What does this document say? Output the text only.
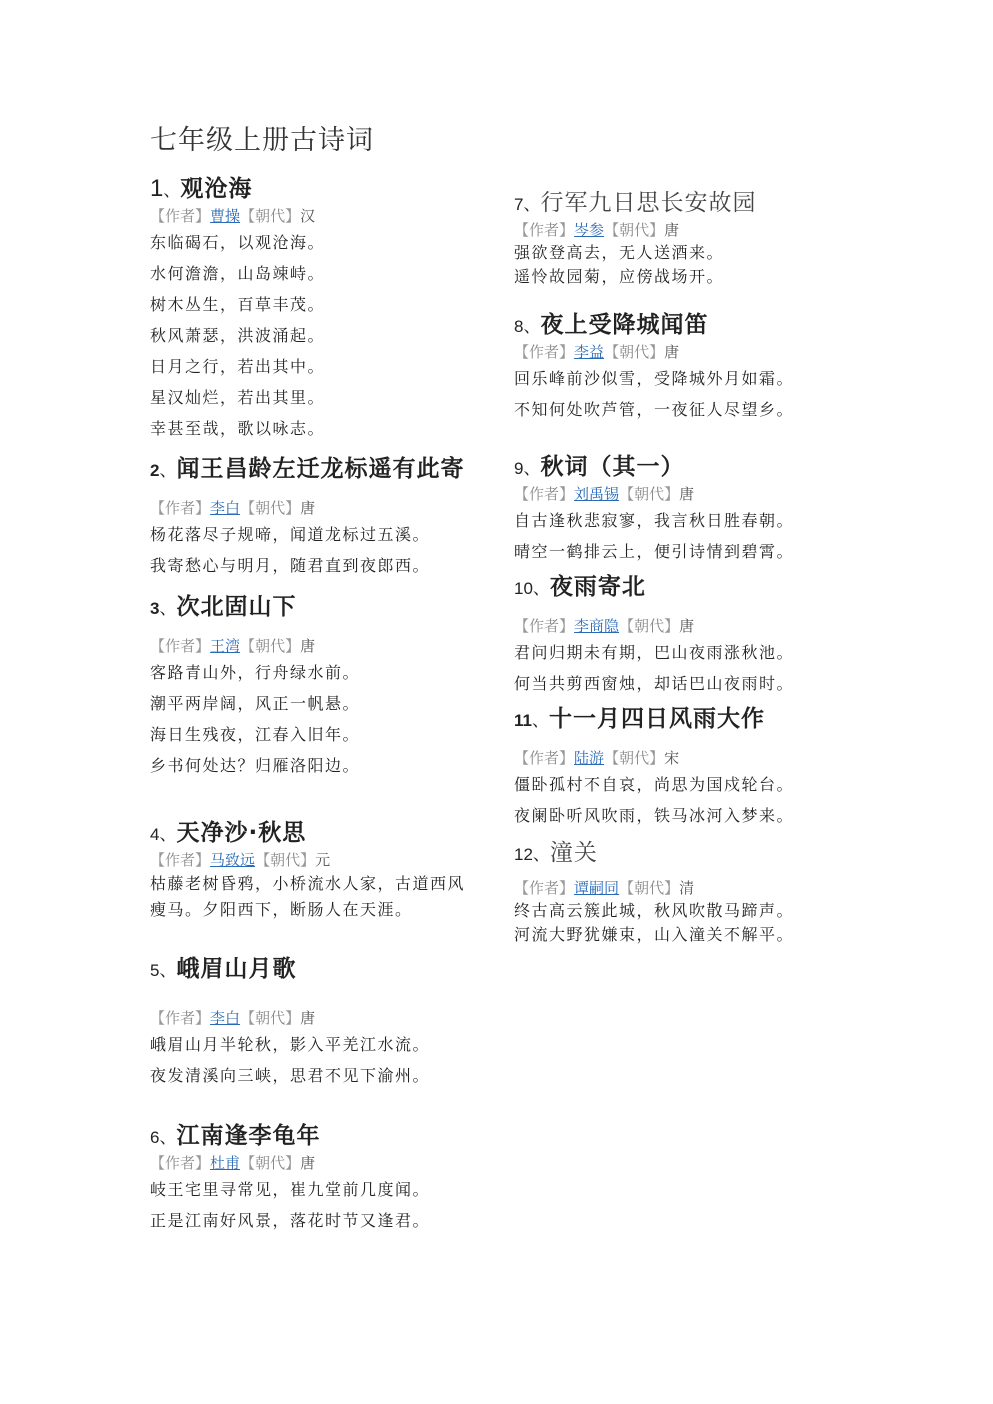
七年级上册古诗词
1 、 观沧海
【作者】曹操【朝代】汉
东临碣石，以观沧海。
水何澹澹，山岛竦峙。
树木丛生，百草丰茂。
秋风萧瑟，洪波涌起。
日月之行，若出其中。
星汉灿烂，若出其里。
幸甚至哉，歌以咏志。
2 、 闻王昌龄左迁龙标遥有此寄
【作者】李白【朝代】唐
杨花落尽子规啼，闻道龙标过五溪。
我寄愁心与明月，随君直到夜郎西。
3 、 次北固山下
【作者】王湾【朝代】唐
客路青山外，行舟绿水前。
潮平两岸阔，风正一帆悬。
海日生残夜，江春入旧年。
乡书何处达？归雁洛阳边。
4 、 天净沙·秋思
【作者】马致远【朝代】元
枯藤老树昏鸦，小桥流水人家，古道西风瘦马。夕阳西下，断肠人在天涯。
5 、 峨眉山月歌
【作者】李白【朝代】唐
峨眉山月半轮秋，影入平羌江水流。
夜发清溪向三峡，思君不见下渝州。
6 、 江南逢李龟年
【作者】杜甫【朝代】唐
岐王宅里寻常见，崔九堂前几度闻。
正是江南好风景，落花时节又逢君。
7 、 行军九日思长安故园
【作者】岑参【朝代】唐
强欲登高去，无人送酒来。
遥怜故园菊，应傍战场开。
8 、 夜上受降城闻笛
【作者】李益【朝代】唐
回乐峰前沙似雪，受降城外月如霜。
不知何处吹芦管，一夜征人尽望乡。
9 、 秋词（其一）
【作者】刘禹锡【朝代】唐
自古逢秋悲寂寥，我言秋日胜春朝。
晴空一鹤排云上，便引诗情到碧霄。
10 、 夜雨寄北
【作者】李商隐【朝代】唐
君问归期未有期，巴山夜雨涨秋池。
何当共剪西窗烛，却话巴山夜雨时。
11 、 十一月四日风雨大作
【作者】陆游【朝代】宋
僵卧孤村不自哀，尚思为国戍轮台。
夜阑卧听风吹雨，铁马冰河入梦来。
12 、 潼关
【作者】谭嗣同【朝代】清
终古高云簇此城，秋风吹散马蹄声。
河流大野犹嫌束，山入潼关不解平。
